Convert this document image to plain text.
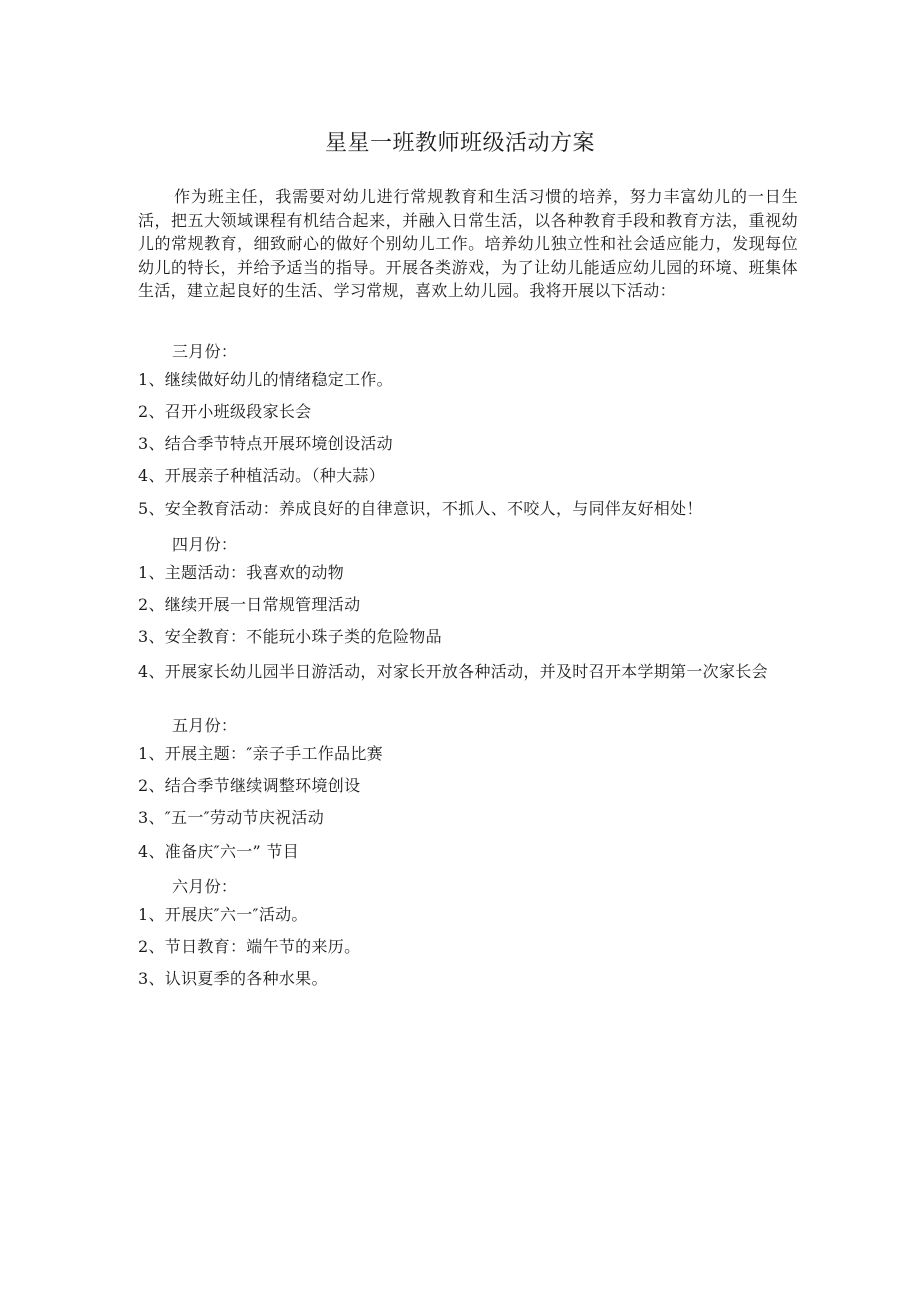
星星一班教师班级活动方案

作为班主任，我需要对幼儿进行常规教育和生活习惯的培养，努力丰富幼儿的一日生活，把五大领域课程有机结合起来，并融入日常生活，以各种教育手段和教育方法，重视幼儿的常规教育，细致耐心的做好个别幼儿工作。培养幼儿独立性和社会适应能力，发现每位幼儿的特长，并给予适当的指导。开展各类游戏，为了让幼儿能适应幼儿园的环境、班集体生活，建立起良好的生活、学习常规，喜欢上幼儿园。我将开展以下活动：

三月份：

1、继续做好幼儿的情绪稳定工作。

2、召开小班级段家长会

3、结合季节特点开展环境创设活动

4、开展亲子种植活动。（种大蒜）

5、安全教育活动：养成良好的自律意识，不抓人、不咬人，与同伴友好相处！

四月份：

1、主题活动：我喜欢的动物

2、继续开展一日常规管理活动

3、安全教育：不能玩小珠子类的危险物品

4、开展家长幼儿园半日游活动，对家长开放各种活动，并及时召开本学期第一次家长会

五月份：

1、开展主题：″亲子手工作品比赛

2、结合季节继续调整环境创设

3、″五一″劳动节庆祝活动

4、准备庆″六一” 节目

六月份：

1、开展庆″六一″活动。

2、节日教育：端午节的来历。

3、认识夏季的各种水果。
